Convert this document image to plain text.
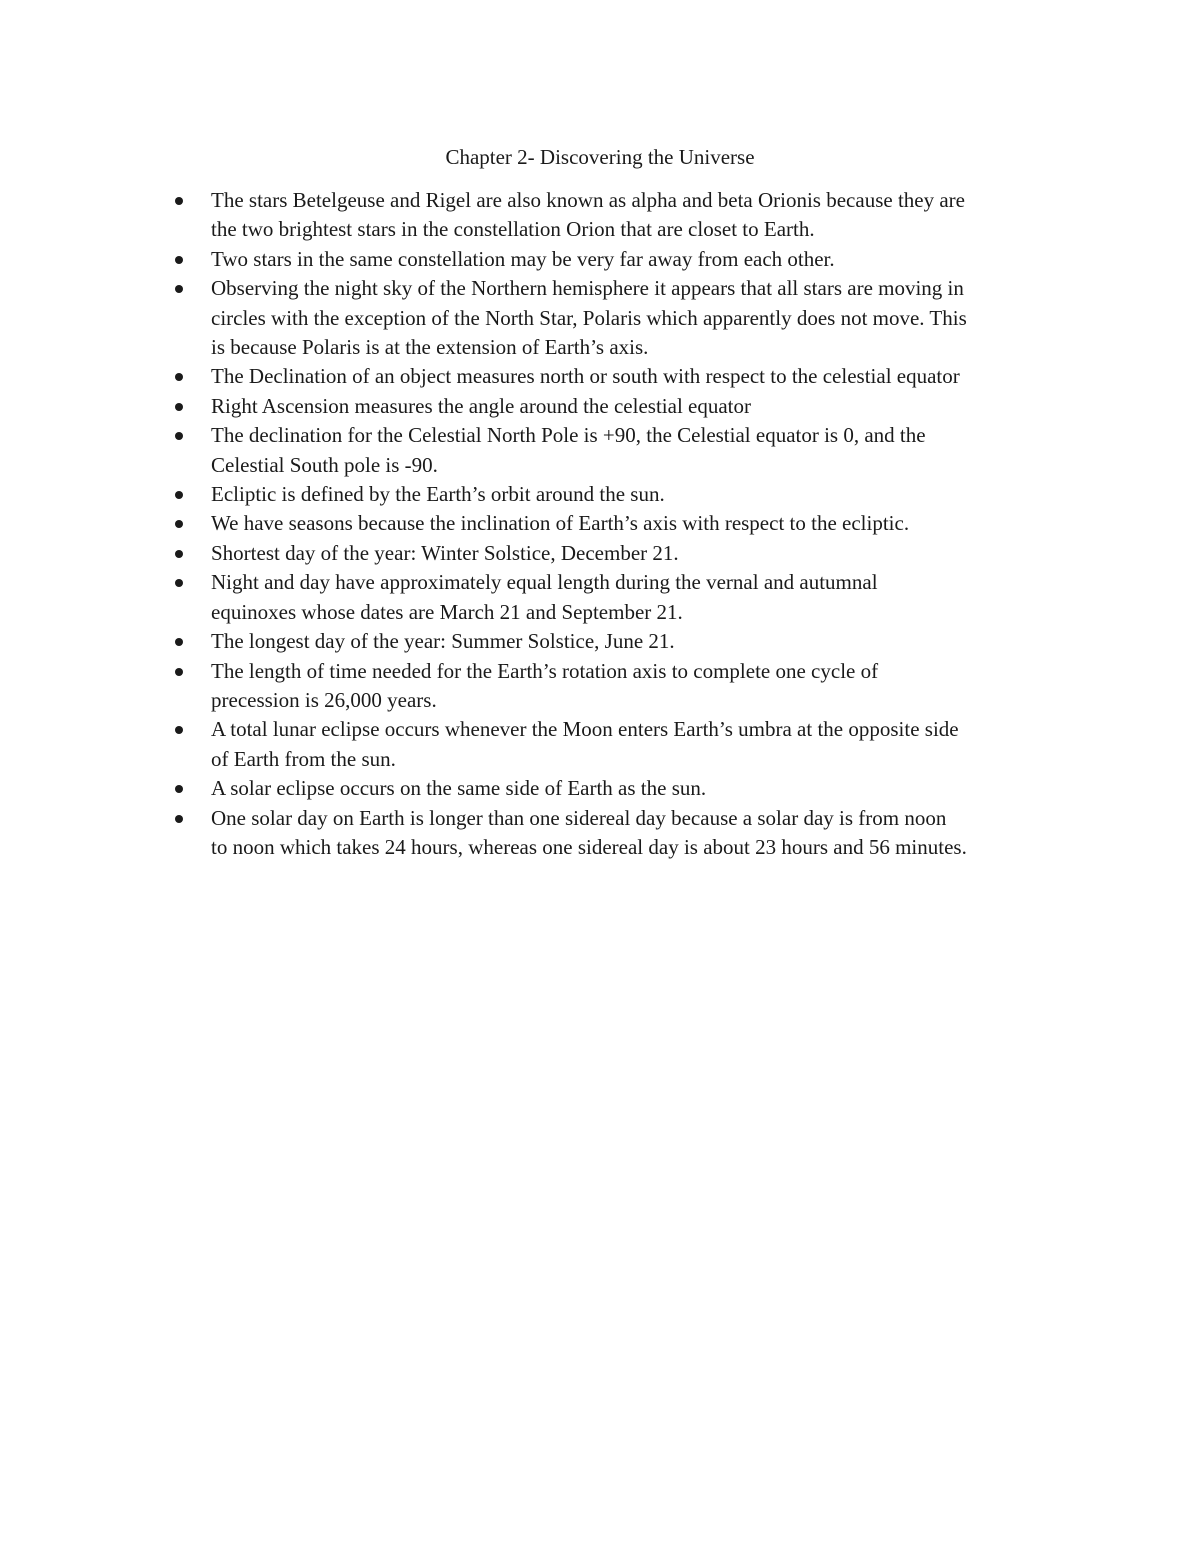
Chapter 2- Discovering the Universe
The stars Betelgeuse and Rigel are also known as alpha and beta Orionis because they are
the two brightest stars in the constellation Orion that are closet to Earth.
Two stars in the same constellation may be very far away from each other.
Observing the night sky of the Northern hemisphere it appears that all stars are moving in
circles with the exception of the North Star, Polaris which apparently does not move. This
is because Polaris is at the extension of Earth’s axis.
The Declination of an object measures north or south with respect to the celestial equator
Right Ascension measures the angle around the celestial equator
The declination for the Celestial North Pole is +90, the Celestial equator is 0, and the
Celestial South pole is -90.
Ecliptic is defined by the Earth’s orbit around the sun.
We have seasons because the inclination of Earth’s axis with respect to the ecliptic.
Shortest day of the year: Winter Solstice, December 21.
Night and day have approximately equal length during the vernal and autumnal
equinoxes whose dates are March 21 and September 21.
The longest day of the year: Summer Solstice, June 21.
The length of time needed for the Earth’s rotation axis to complete one cycle of
precession is 26,000 years.
A total lunar eclipse occurs whenever the Moon enters Earth’s umbra at the opposite side
of Earth from the sun.
A solar eclipse occurs on the same side of Earth as the sun.
One solar day on Earth is longer than one sidereal day because a solar day is from noon
to noon which takes 24 hours, whereas one sidereal day is about 23 hours and 56 minutes.
